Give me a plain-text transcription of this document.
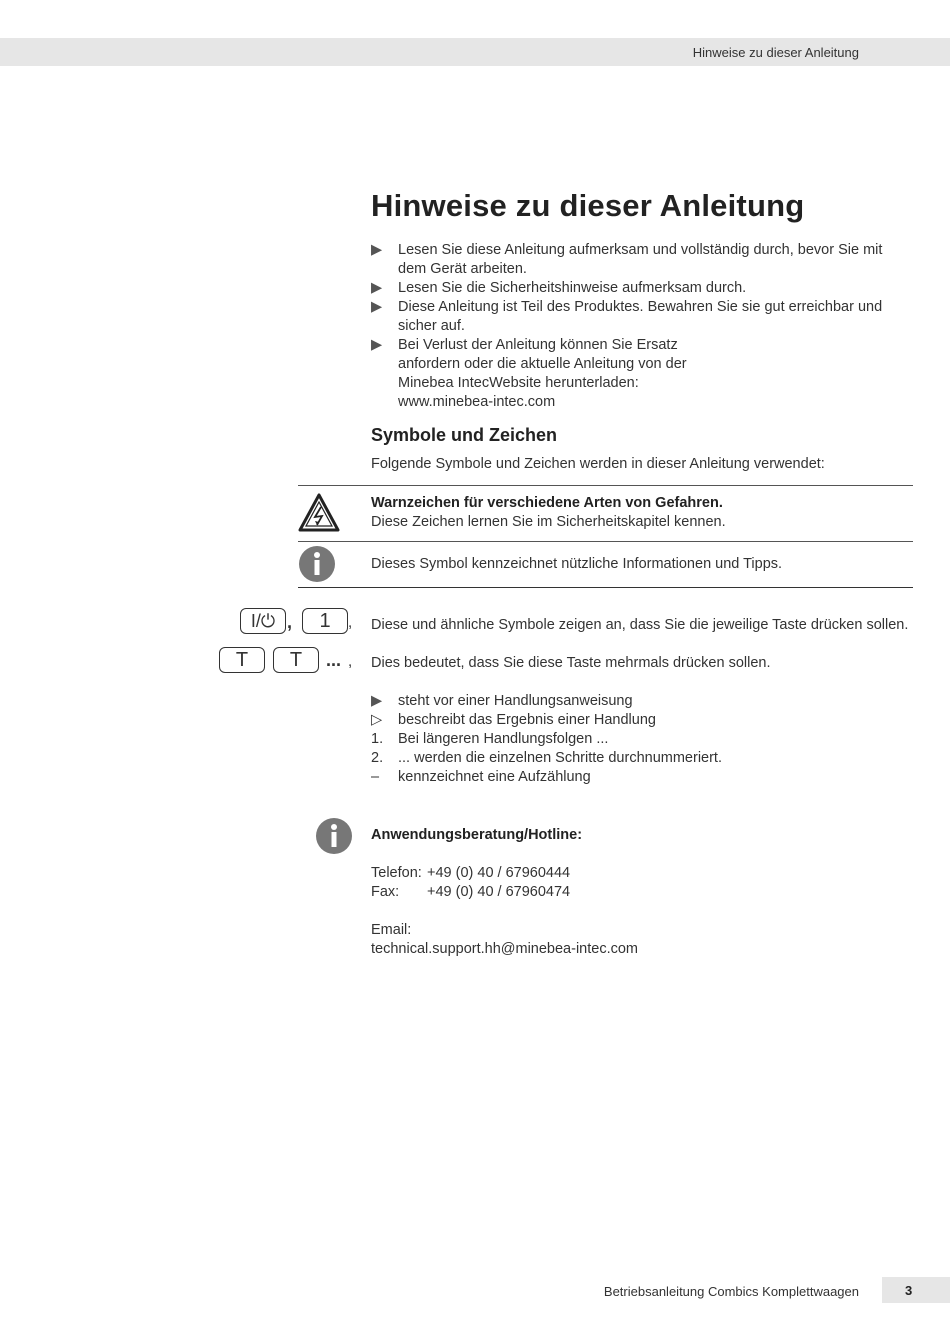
Hinweise zu dieser Anleitung
Hinweise zu dieser Anleitung
▶	Lesen Sie diese Anleitung aufmerksam und vollständig durch, bevor Sie mit dem Gerät arbeiten.
▶	Lesen Sie die Sicherheitshinweise aufmerksam durch.
▶	Diese Anleitung ist Teil des Produktes. Bewahren Sie sie gut erreichbar und sicher auf.
▶	Bei Verlust der Anleitung können Sie Ersatz anfordern oder die aktuelle Anleitung von der Minebea IntecWebsite herunterladen: www.minebea-intec.com
Symbole und Zeichen
Folgende Symbole und Zeichen werden in dieser Anleitung verwendet:
Warnzeichen für verschiedene Arten von Gefahren.
Diese Zeichen lernen Sie im Sicherheitskapitel kennen.
Dieses Symbol kennzeichnet nützliche Informationen und Tipps.
I/⏻ ,	1	, Diese und ähnliche Symbole zeigen an, dass Sie die jeweilige Taste drücken sollen.
T	T	... , Dies bedeutet, dass Sie diese Taste mehrmals drücken sollen.
▶	steht vor einer Handlungsanweisung
▷	beschreibt das Ergebnis einer Handlung
1.	Bei längeren Handlungsfolgen ...
2.	... werden die einzelnen Schritte durchnummeriert.
–	kennzeichnet eine Aufzählung
Anwendungsberatung/Hotline:
Telefon: +49 (0) 40 / 67960444
Fax: +49 (0) 40 / 67960474
Email:
technical.support.hh@minebea-intec.com
Betriebsanleitung Combics Komplettwaagen	3
